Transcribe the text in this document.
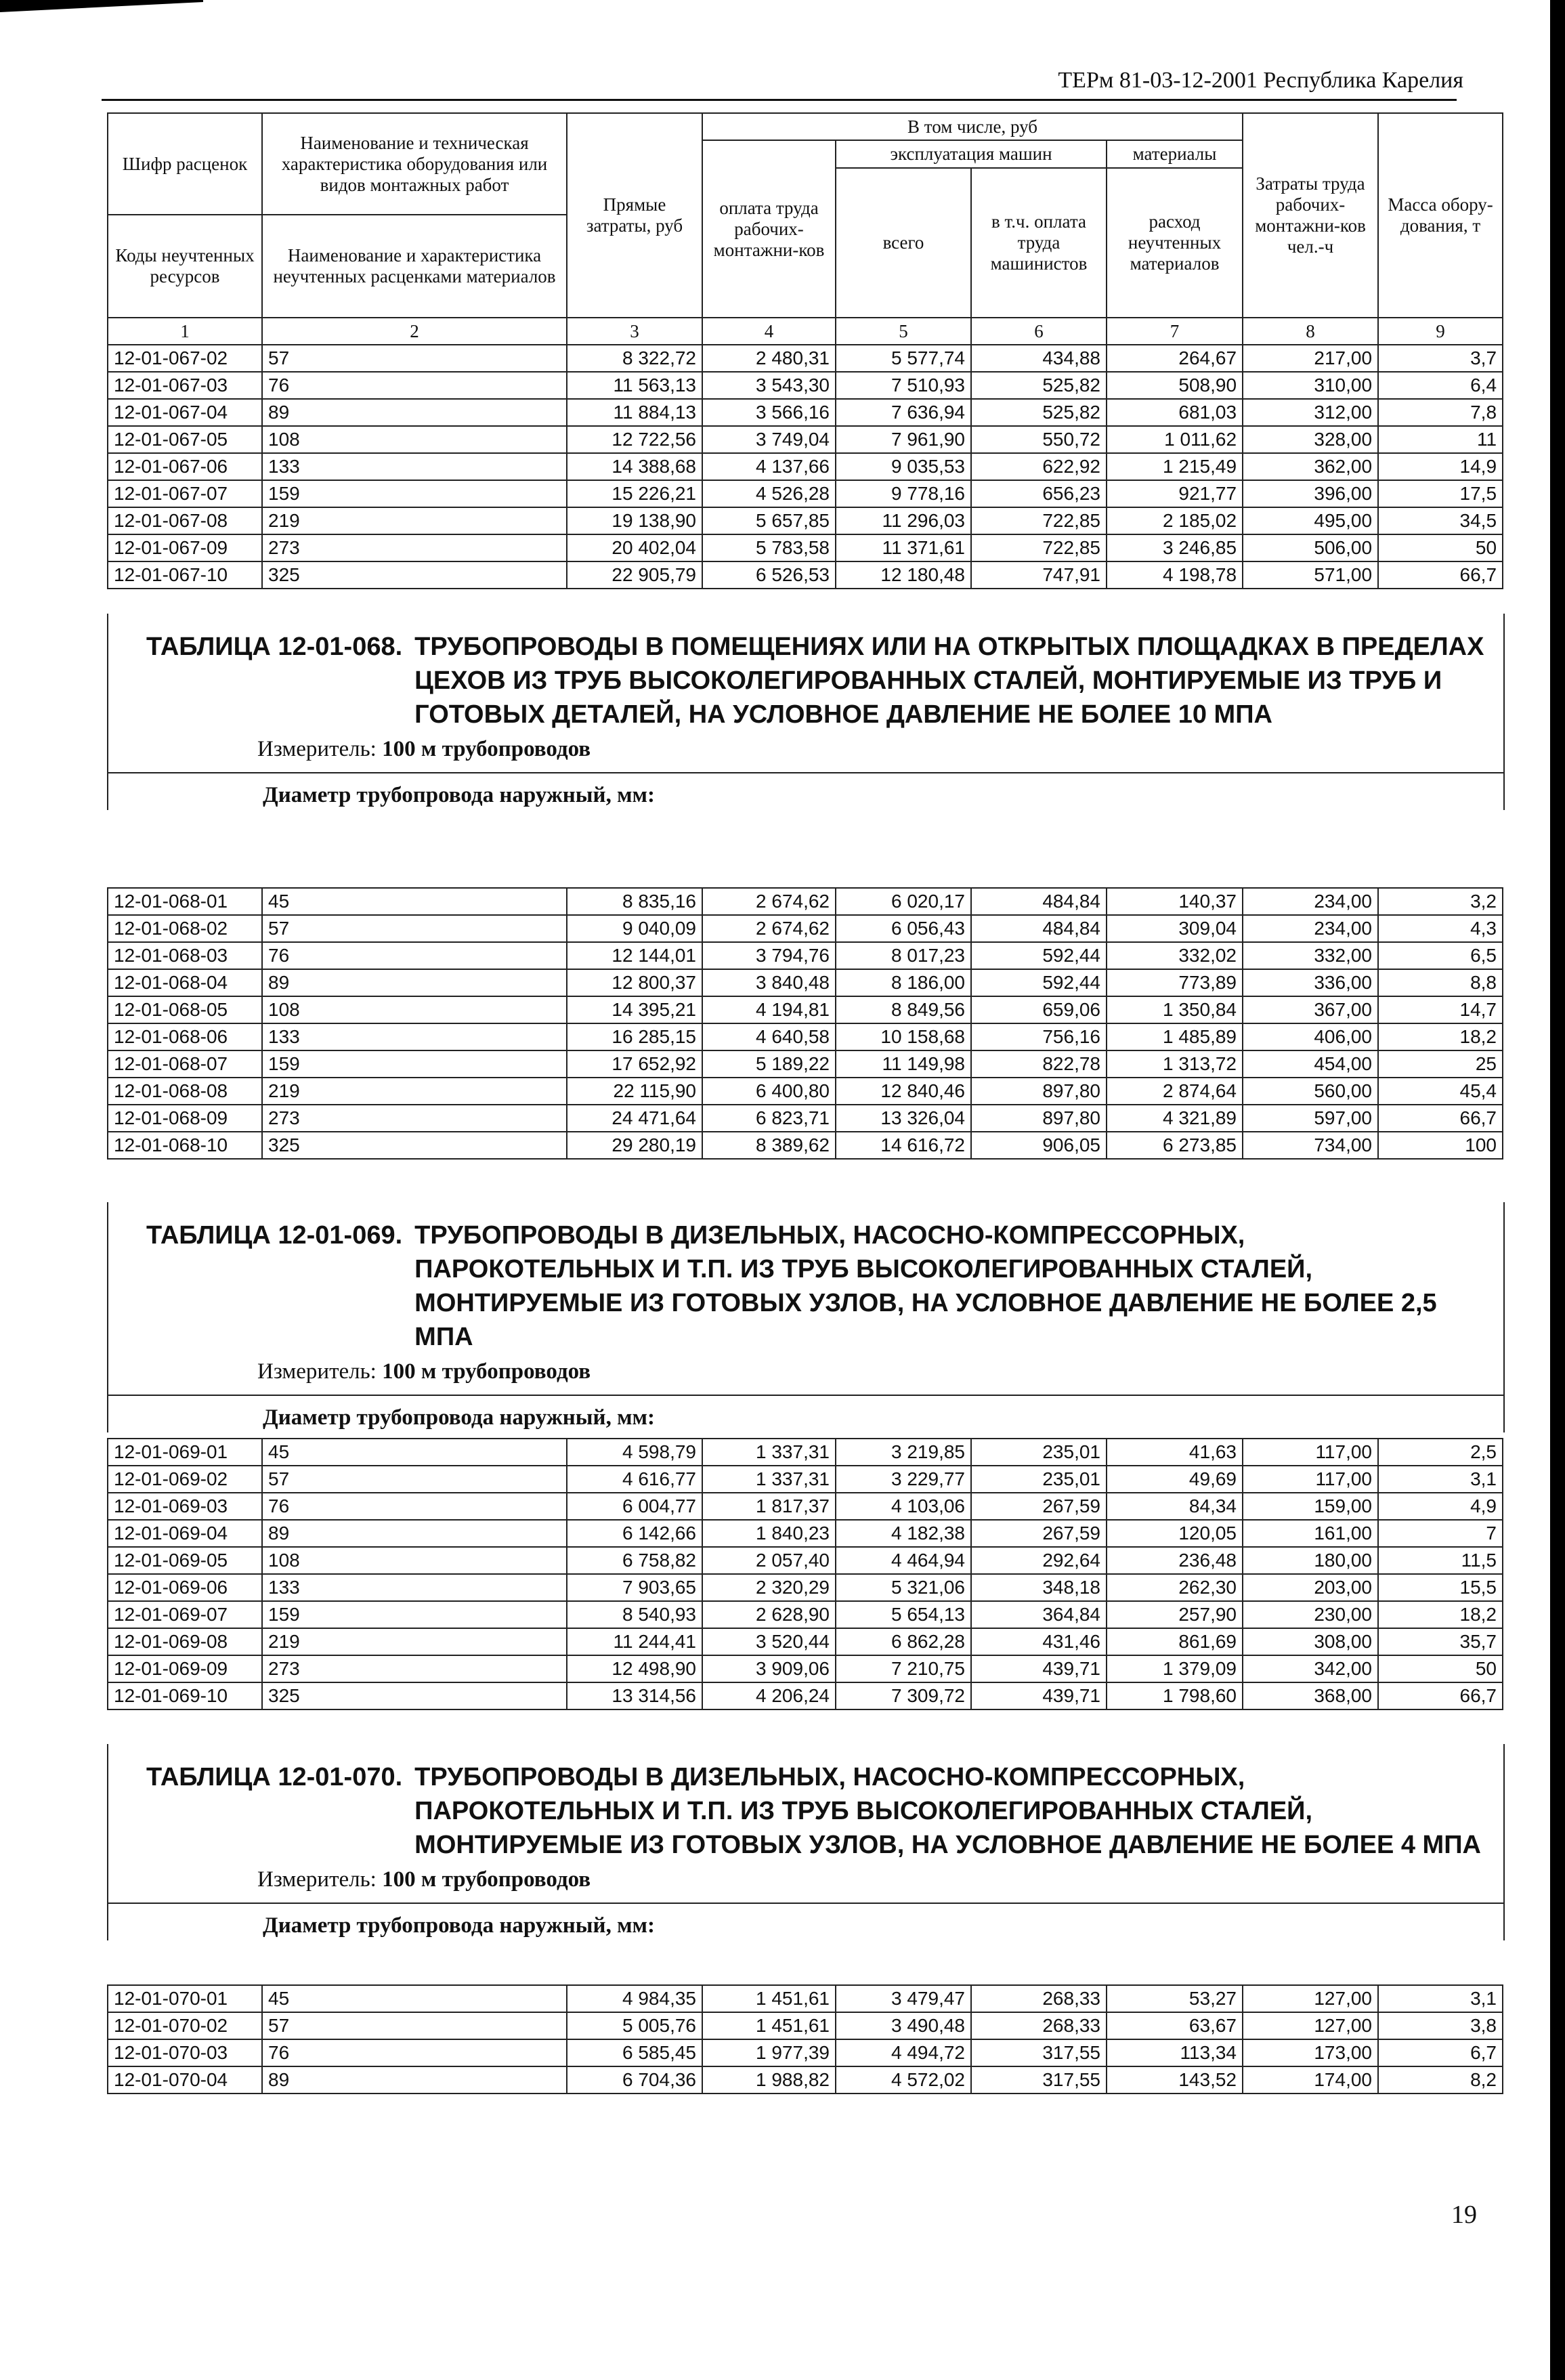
ТЕРм 81-03-12-2001 Республика Карелия
Шифр расценок	Наименование и техническая характеристика оборудования или видов монтажных работ	Прямые затраты, руб	В том числе, руб				Затраты труда рабочих-монтажни-ков чел.-ч	Масса обору-дования, т
			оплата труда рабочих-монтажни-ков	эксплуатация машин		материалы		
				всего	в т.ч. оплата труда машинистов	расход неучтенных материалов		
Коды неучтенных ресурсов	Наименование и характеристика неучтенных расценками материалов							

1	2	3	4	5	6	7	8	9
12-01-067-02	57	8 322,72	2 480,31	5 577,74	434,88	264,67	217,00	3,7
12-01-067-03	76	11 563,13	3 543,30	7 510,93	525,82	508,90	310,00	6,4
12-01-067-04	89	11 884,13	3 566,16	7 636,94	525,82	681,03	312,00	7,8
12-01-067-05	108	12 722,56	3 749,04	7 961,90	550,72	1 011,62	328,00	11
12-01-067-06	133	14 388,68	4 137,66	9 035,53	622,92	1 215,49	362,00	14,9
12-01-067-07	159	15 226,21	4 526,28	9 778,16	656,23	921,77	396,00	17,5
12-01-067-08	219	19 138,90	5 657,85	11 296,03	722,85	2 185,02	495,00	34,5
12-01-067-09	273	20 402,04	5 783,58	11 371,61	722,85	3 246,85	506,00	50
12-01-067-10	325	22 905,79	6 526,53	12 180,48	747,91	4 198,78	571,00	66,7
ТАБЛИЦА 12-01-068. ТРУБОПРОВОДЫ В ПОМЕЩЕНИЯХ ИЛИ НА ОТКРЫТЫХ ПЛОЩАДКАХ В ПРЕДЕЛАХ ЦЕХОВ ИЗ ТРУБ ВЫСОКОЛЕГИРОВАННЫХ СТАЛЕЙ, МОНТИРУЕМЫЕ ИЗ ТРУБ И ГОТОВЫХ ДЕТАЛЕЙ, НА УСЛОВНОЕ ДАВЛЕНИЕ НЕ БОЛЕЕ 10 МПА
Измеритель: 100 м трубопроводов
Диаметр трубопровода наружный, мм:
12-01-068-01	45	8 835,16	2 674,62	6 020,17	484,84	140,37	234,00	3,2
12-01-068-02	57	9 040,09	2 674,62	6 056,43	484,84	309,04	234,00	4,3
12-01-068-03	76	12 144,01	3 794,76	8 017,23	592,44	332,02	332,00	6,5
12-01-068-04	89	12 800,37	3 840,48	8 186,00	592,44	773,89	336,00	8,8
12-01-068-05	108	14 395,21	4 194,81	8 849,56	659,06	1 350,84	367,00	14,7
12-01-068-06	133	16 285,15	4 640,58	10 158,68	756,16	1 485,89	406,00	18,2
12-01-068-07	159	17 652,92	5 189,22	11 149,98	822,78	1 313,72	454,00	25
12-01-068-08	219	22 115,90	6 400,80	12 840,46	897,80	2 874,64	560,00	45,4
12-01-068-09	273	24 471,64	6 823,71	13 326,04	897,80	4 321,89	597,00	66,7
12-01-068-10	325	29 280,19	8 389,62	14 616,72	906,05	6 273,85	734,00	100
ТАБЛИЦА 12-01-069. ТРУБОПРОВОДЫ В ДИЗЕЛЬНЫХ, НАСОСНО-КОМПРЕССОРНЫХ, ПАРОКОТЕЛЬНЫХ И Т.П. ИЗ ТРУБ ВЫСОКОЛЕГИРОВАННЫХ СТАЛЕЙ, МОНТИРУЕМЫЕ ИЗ ГОТОВЫХ УЗЛОВ, НА УСЛОВНОЕ ДАВЛЕНИЕ НЕ БОЛЕЕ 2,5 МПА
Измеритель: 100 м трубопроводов
Диаметр трубопровода наружный, мм:
12-01-069-01	45	4 598,79	1 337,31	3 219,85	235,01	41,63	117,00	2,5
12-01-069-02	57	4 616,77	1 337,31	3 229,77	235,01	49,69	117,00	3,1
12-01-069-03	76	6 004,77	1 817,37	4 103,06	267,59	84,34	159,00	4,9
12-01-069-04	89	6 142,66	1 840,23	4 182,38	267,59	120,05	161,00	7
12-01-069-05	108	6 758,82	2 057,40	4 464,94	292,64	236,48	180,00	11,5
12-01-069-06	133	7 903,65	2 320,29	5 321,06	348,18	262,30	203,00	15,5
12-01-069-07	159	8 540,93	2 628,90	5 654,13	364,84	257,90	230,00	18,2
12-01-069-08	219	11 244,41	3 520,44	6 862,28	431,46	861,69	308,00	35,7
12-01-069-09	273	12 498,90	3 909,06	7 210,75	439,71	1 379,09	342,00	50
12-01-069-10	325	13 314,56	4 206,24	7 309,72	439,71	1 798,60	368,00	66,7
ТАБЛИЦА 12-01-070. ТРУБОПРОВОДЫ В ДИЗЕЛЬНЫХ, НАСОСНО-КОМПРЕССОРНЫХ, ПАРОКОТЕЛЬНЫХ И Т.П. ИЗ ТРУБ ВЫСОКОЛЕГИРОВАННЫХ СТАЛЕЙ, МОНТИРУЕМЫЕ ИЗ ГОТОВЫХ УЗЛОВ, НА УСЛОВНОЕ ДАВЛЕНИЕ НЕ БОЛЕЕ 4 МПА
Измеритель: 100 м трубопроводов
Диаметр трубопровода наружный, мм:
12-01-070-01	45	4 984,35	1 451,61	3 479,47	268,33	53,27	127,00	3,1
12-01-070-02	57	5 005,76	1 451,61	3 490,48	268,33	63,67	127,00	3,8
12-01-070-03	76	6 585,45	1 977,39	4 494,72	317,55	113,34	173,00	6,7
12-01-070-04	89	6 704,36	1 988,82	4 572,02	317,55	143,52	174,00	8,2
19
